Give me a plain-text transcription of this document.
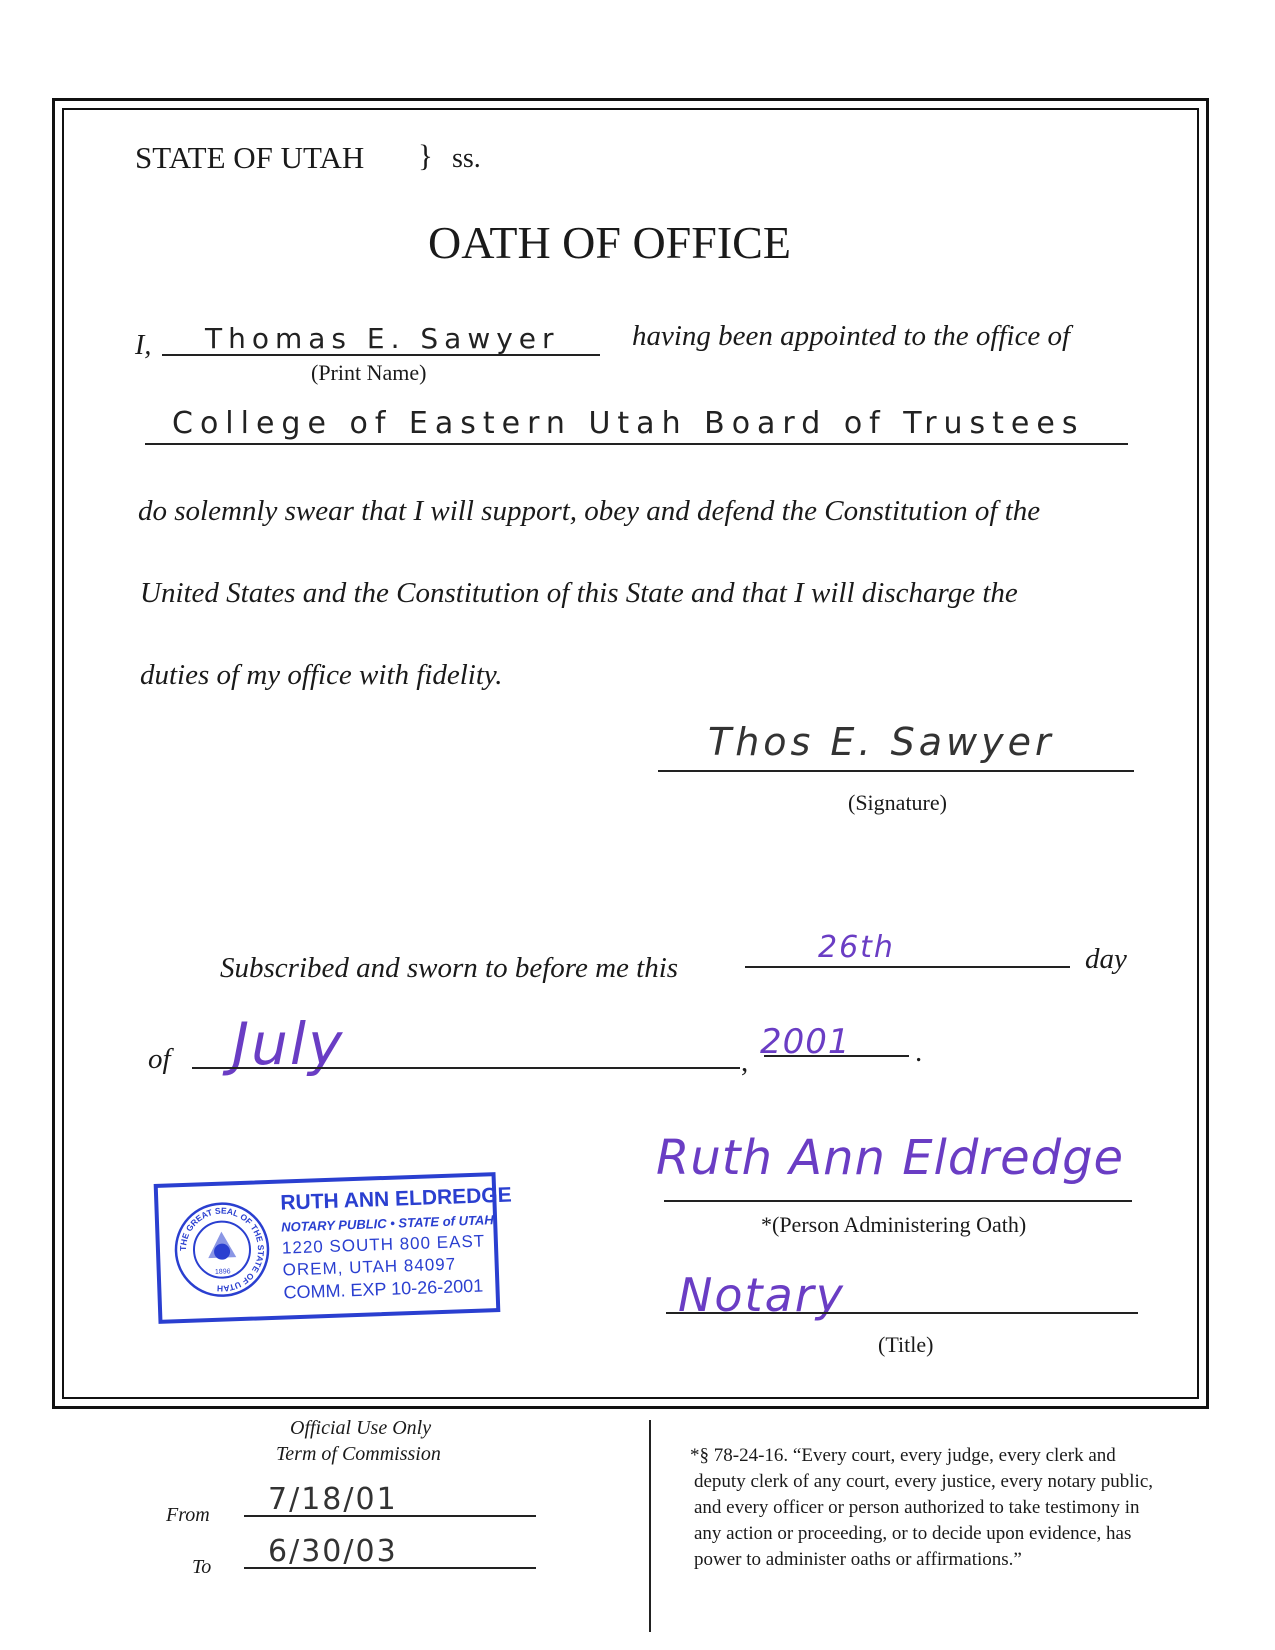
STATE OF UTAH } ss.
OATH OF OFFICE
I, Thomas E. Sawyer
(Print Name)
having been appointed to the office of
College of Eastern Utah Board of Trustees
do solemnly swear that I will support, obey and defend the Constitution of the
United States and the Constitution of this State and that I will discharge the
duties of my office with fidelity.
Thos E. Sawyer
(Signature)
Subscribed and sworn to before me this
26th	day
of July	, 2001 .
Ruth Ann Eldredge
*(Person Administering Oath)
Notary
(Title)
THE GREAT SEAL OF THE STATE OF UTAH
1896
RUTH ANN ELDREDGE
NOTARY PUBLIC • STATE of UTAH
1220 SOUTH 800 EAST
OREM, UTAH 84097
COMM. EXP 10-26-2001
Official Use Only
Term of Commission
From 7/18/01
To 6/30/03
*§ 78-24-16. “Every court, every judge, every clerk and
deputy clerk of any court, every justice, every notary public,
and every officer or person authorized to take testimony in
any action or proceeding, or to decide upon evidence, has
power to administer oaths or affirmations.”
